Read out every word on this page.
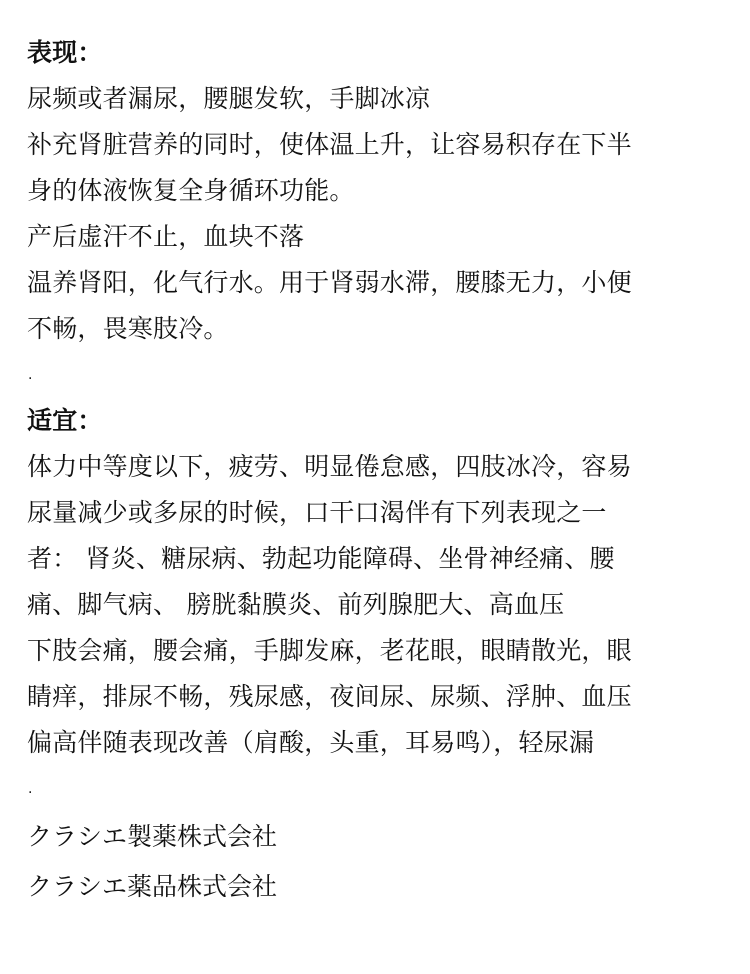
表现：
尿频或者漏尿，腰腿发软，手脚冰凉
补充肾脏营养的同时，使体温上升，让容易积存在下半
身的体液恢复全身循环功能。
产后虚汗不止，血块不落
温养肾阳，化气行水。用于肾弱水滞，腰膝无力，小便
不畅，畏寒肢冷。
.
适宜：
体力中等度以下，疲劳、明显倦怠感，四肢冰冷，容易
尿量减少或多尿的时候，口干口渴伴有下列表现之一
者： 肾炎、糖尿病、勃起功能障碍、坐骨神经痛、腰
痛、脚气病、 膀胱黏膜炎、前列腺肥大、高血压
下肢会痛，腰会痛，手脚发麻，老花眼，眼睛散光，眼
睛痒，排尿不畅，残尿感，夜间尿、尿频、浮肿、血压
偏高伴随表现改善（肩酸，头重，耳易鸣），轻尿漏
.
クラシエ製薬株式会社
クラシエ薬品株式会社
